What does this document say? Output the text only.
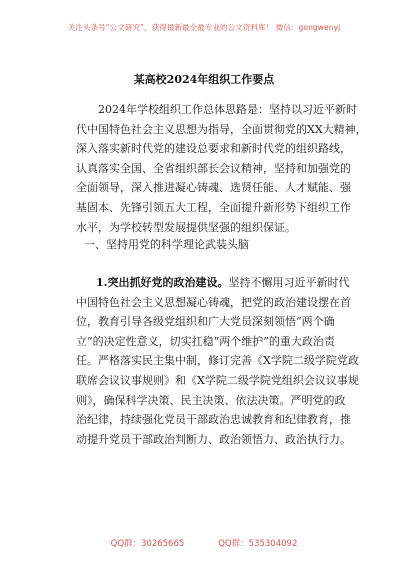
关注头条号“公文研究”，获得最新最全最专业的公文资料库！ 微信：gongwenyj
某高校2024年组织工作要点
2024年学校组织工作总体思路是：坚持以习近平新时
代中国特色社会主义思想为指导，全面贯彻党的XX大精神，
深入落实新时代党的建设总要求和新时代党的组织路线，
认真落实全国、全省组织部长会议精神，坚持和加强党的
全面领导，深入推进凝心铸魂、选贤任能、人才赋能、强
基固本、先锋引领五大工程，全面提升新形势下组织工作
水平，为学校转型发展提供坚强的组织保证。
一、坚持用党的科学理论武装头脑
1.突出抓好党的政治建设。坚持不懈用习近平新时代
中国特色社会主义思想凝心铸魂，把党的政治建设摆在首
位，教育引导各级党组织和广大党员深刻领悟“两个确
立”的决定性意义，切实扛稳“两个维护”的重大政治责
任。严格落实民主集中制，修订完善《X学院二级学院党政
联席会议议事规则》和《X学院二级学院党组织会议议事规
则》，确保科学决策、民主决策、依法决策。严明党的政
治纪律，持续强化党员干部政治忠诚教育和纪律教育，推
动提升党员干部政治判断力、政治领悟力、政治执行力。
QQ群：30265665	QQ群：535304092
